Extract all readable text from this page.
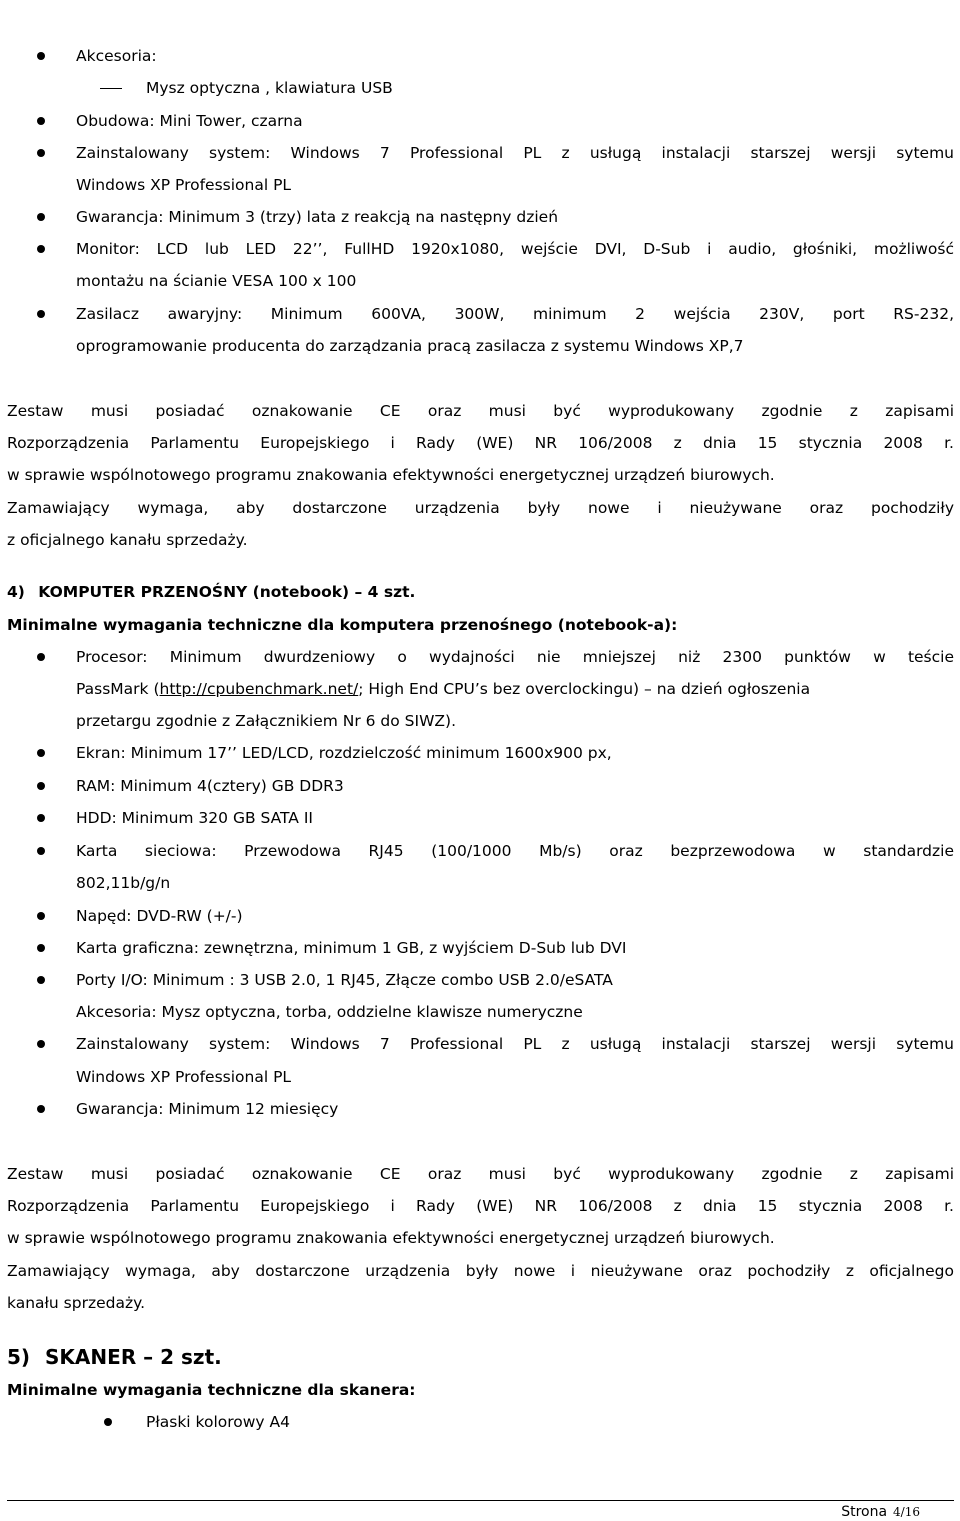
Akcesoria:
Mysz optyczna , klawiatura USB
Obudowa: Mini Tower, czarna
Zainstalowany system: Windows 7 Professional PL z usługą instalacji starszej wersji sytemu
Windows XP Professional PL
Gwarancja: Minimum 3 (trzy) lata z reakcją na następny dzień
Monitor: LCD lub LED 22’’, FullHD 1920x1080, wejście DVI, D-Sub i audio, głośniki, możliwość
montażu na ścianie VESA 100 x 100
Zasilacz awaryjny: Minimum 600VA, 300W, minimum 2 wejścia 230V, port RS-232,
oprogramowanie producenta do zarządzania pracą zasilacza z systemu Windows XP,7
Zestaw musi posiadać oznakowanie CE oraz musi być wyprodukowany zgodnie z zapisami
Rozporządzenia Parlamentu Europejskiego i Rady (WE) NR 106/2008 z dnia 15 stycznia 2008 r.
w sprawie wspólnotowego programu znakowania efektywności energetycznej urządzeń biurowych.
Zamawiający wymaga, aby dostarczone urządzenia były nowe i nieużywane oraz pochodziły
z oficjalnego kanału sprzedaży.
4) KOMPUTER PRZENOŚNY (notebook) – 4 szt.
Minimalne wymagania techniczne dla komputera przenośnego (notebook-a):
Procesor: Minimum dwurdzeniowy o wydajności nie mniejszej niż 2300 punktów w teście
PassMark (http://cpubenchmark.net/; High End CPU’s bez overclockingu) – na dzień ogłoszenia
przetargu zgodnie z Załącznikiem Nr 6 do SIWZ).
Ekran: Minimum 17’’ LED/LCD, rozdzielczość minimum 1600x900 px,
RAM: Minimum 4(cztery) GB DDR3
HDD: Minimum 320 GB SATA II
Karta sieciowa: Przewodowa RJ45 (100/1000 Mb/s) oraz bezprzewodowa w standardzie
802,11b/g/n
Napęd: DVD-RW (+/-)
Karta graficzna: zewnętrzna, minimum 1 GB, z wyjściem D-Sub lub DVI
Porty I/O: Minimum : 3 USB 2.0, 1 RJ45, Złącze combo USB 2.0/eSATA
Akcesoria: Mysz optyczna, torba, oddzielne klawisze numeryczne
Zainstalowany system: Windows 7 Professional PL z usługą instalacji starszej wersji sytemu
Windows XP Professional PL
Gwarancja: Minimum 12 miesięcy
Zestaw musi posiadać oznakowanie CE oraz musi być wyprodukowany zgodnie z zapisami
Rozporządzenia Parlamentu Europejskiego i Rady (WE) NR 106/2008 z dnia 15 stycznia 2008 r.
w sprawie wspólnotowego programu znakowania efektywności energetycznej urządzeń biurowych.
Zamawiający wymaga, aby dostarczone urządzenia były nowe i nieużywane oraz pochodziły z oficjalnego
kanału sprzedaży.
5) SKANER – 2 szt.
Minimalne wymagania techniczne dla skanera:
Płaski kolorowy A4
Strona 4/16
